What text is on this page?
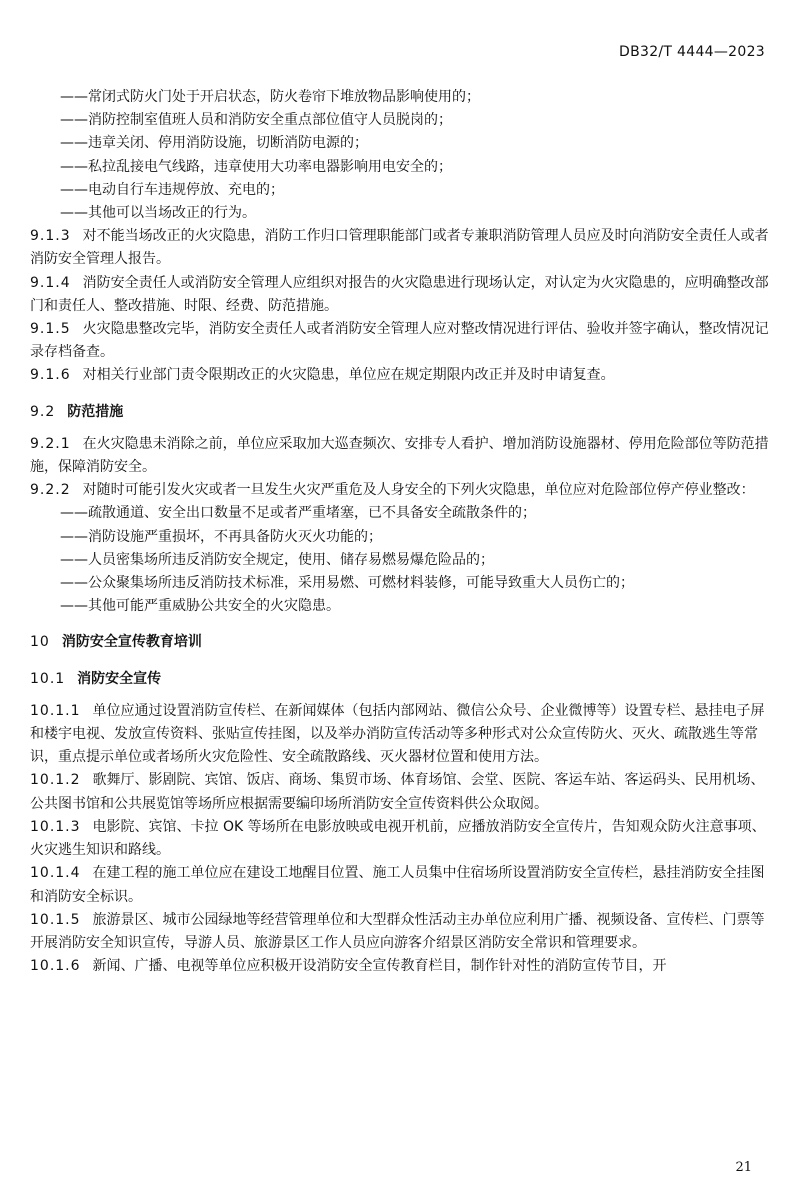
DB32/T 4444—2023
——常闭式防火门处于开启状态，防火卷帘下堆放物品影响使用的；
——消防控制室值班人员和消防安全重点部位值守人员脱岗的；
——违章关闭、停用消防设施，切断消防电源的；
——私拉乱接电气线路，违章使用大功率电器影响用电安全的；
——电动自行车违规停放、充电的；
——其他可以当场改正的行为。
9.1.3 对不能当场改正的火灾隐患，消防工作归口管理职能部门或者专兼职消防管理人员应及时向消防安全责任人或者消防安全管理人报告。
9.1.4 消防安全责任人或消防安全管理人应组织对报告的火灾隐患进行现场认定，对认定为火灾隐患的，应明确整改部门和责任人、整改措施、时限、经费、防范措施。
9.1.5 火灾隐患整改完毕，消防安全责任人或者消防安全管理人应对整改情况进行评估、验收并签字确认，整改情况记录存档备查。
9.1.6 对相关行业部门责令限期改正的火灾隐患，单位应在规定期限内改正并及时申请复查。
9.2 防范措施
9.2.1 在火灾隐患未消除之前，单位应采取加大巡查频次、安排专人看护、增加消防设施器材、停用危险部位等防范措施，保障消防安全。
9.2.2 对随时可能引发火灾或者一旦发生火灾严重危及人身安全的下列火灾隐患，单位应对危险部位停产停业整改：
——疏散通道、安全出口数量不足或者严重堵塞，已不具备安全疏散条件的；
——消防设施严重损坏，不再具备防火灭火功能的；
——人员密集场所违反消防安全规定，使用、储存易燃易爆危险品的；
——公众聚集场所违反消防技术标准，采用易燃、可燃材料装修，可能导致重大人员伤亡的；
——其他可能严重威胁公共安全的火灾隐患。
10 消防安全宣传教育培训
10.1 消防安全宣传
10.1.1 单位应通过设置消防宣传栏、在新闻媒体（包括内部网站、微信公众号、企业微博等）设置专栏、悬挂电子屏和楼宇电视、发放宣传资料、张贴宣传挂图，以及举办消防宣传活动等多种形式对公众宣传防火、灭火、疏散逃生等常识，重点提示单位或者场所火灾危险性、安全疏散路线、灭火器材位置和使用方法。
10.1.2 歌舞厅、影剧院、宾馆、饭店、商场、集贸市场、体育场馆、会堂、医院、客运车站、客运码头、民用机场、公共图书馆和公共展览馆等场所应根据需要编印场所消防安全宣传资料供公众取阅。
10.1.3 电影院、宾馆、卡拉 OK 等场所在电影放映或电视开机前，应播放消防安全宣传片，告知观众防火注意事项、火灾逃生知识和路线。
10.1.4 在建工程的施工单位应在建设工地醒目位置、施工人员集中住宿场所设置消防安全宣传栏，悬挂消防安全挂图和消防安全标识。
10.1.5 旅游景区、城市公园绿地等经营管理单位和大型群众性活动主办单位应利用广播、视频设备、宣传栏、门票等开展消防安全知识宣传，导游人员、旅游景区工作人员应向游客介绍景区消防安全常识和管理要求。
10.1.6 新闻、广播、电视等单位应积极开设消防安全宣传教育栏目，制作针对性的消防宣传节目，开
21
